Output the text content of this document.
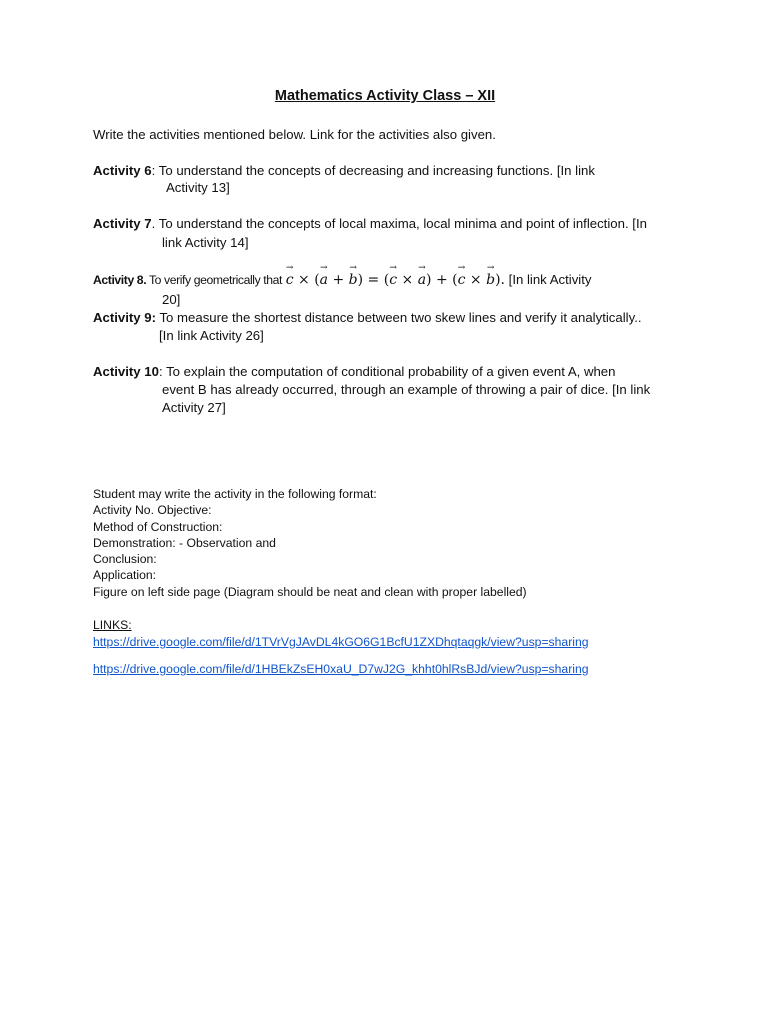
Mathematics Activity Class – XII
Write the activities mentioned below. Link for the activities also given.
Activity 6: To understand the concepts of decreasing and increasing functions. [In link
Activity 13]
Activity 7. To understand the concepts of local maxima, local minima and point of inflection. [In
link Activity 14]
Activity 8. To verify geometrically that → c × (→ a + → b) = (→ c × → a) + (→ c × → b). [In link Activity
20]
Activity 9: To measure the shortest distance between two skew lines and verify it analytically..
[In link Activity 26]
Activity 10: To explain the computation of conditional probability of a given event A, when
event B has already occurred, through an example of throwing a pair of dice. [In link
Activity 27]
Student may write the activity in the following format:
Activity No. Objective:
Method of Construction:
Demonstration: - Observation and
Conclusion:
Application:
Figure on left side page (Diagram should be neat and clean with proper labelled)
LINKS:
https://drive.google.com/file/d/1TVrVgJAvDL4kGO6G1BcfU1ZXDhqtaqgk/view?usp=sharing
https://drive.google.com/file/d/1HBEkZsEH0xaU_D7wJ2G_khht0hlRsBJd/view?usp=sharing
